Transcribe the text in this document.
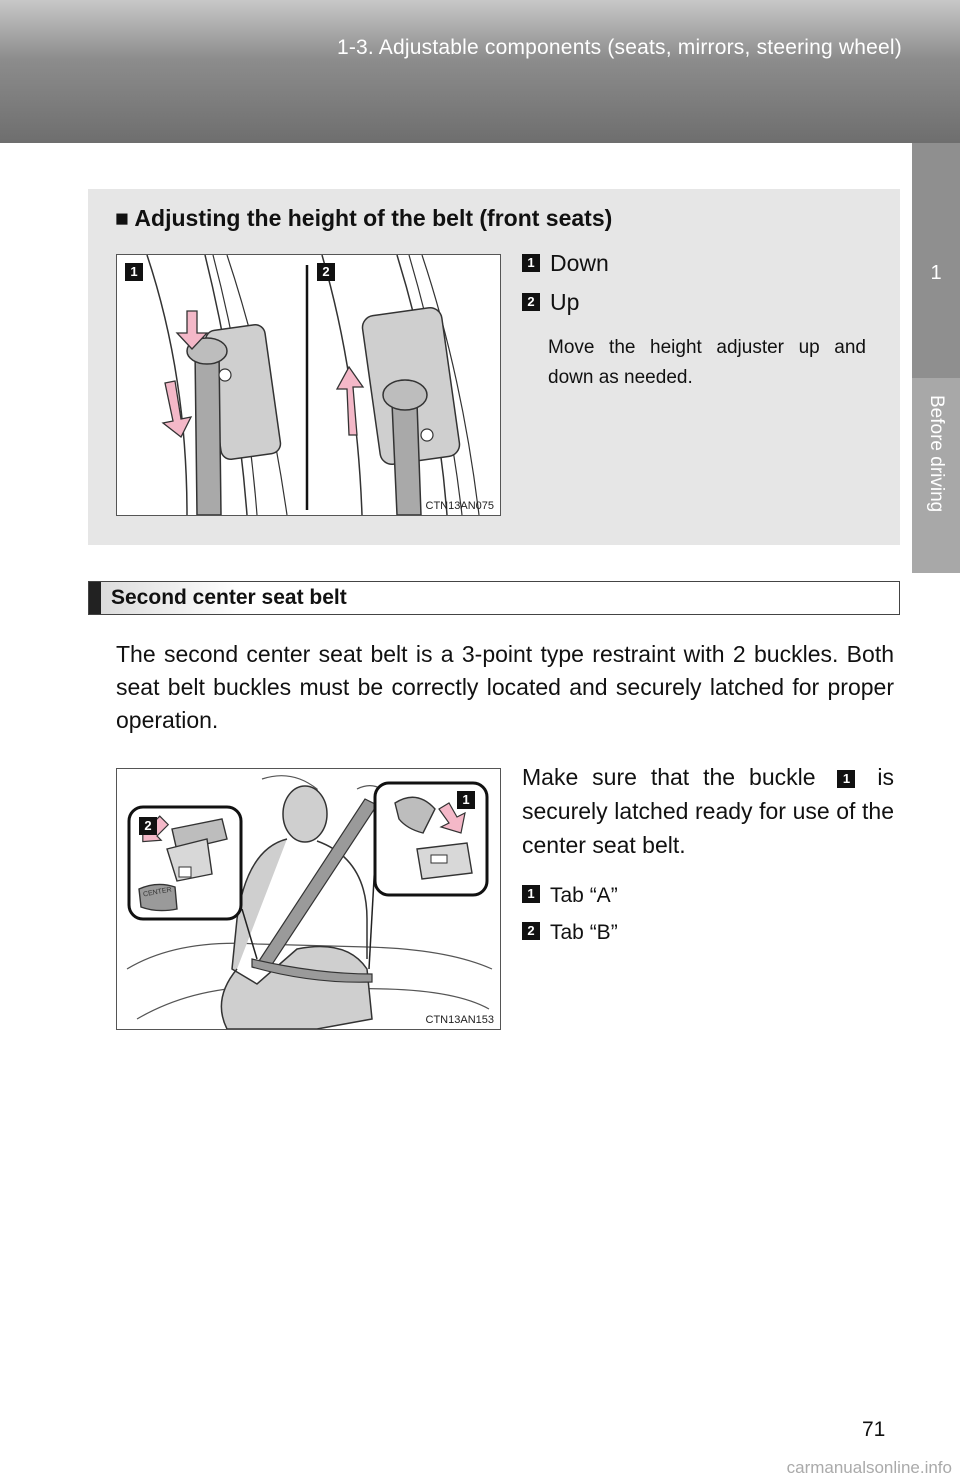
1-3. Adjustable components (seats, mirrors, steering wheel)
1
Before driving
■ Adjusting the height of the belt (front seats)
1	2
CTN13AN075
1 Down
2 Up
Move the height adjuster up and down as needed.
Second center seat belt
The second center seat belt is a 3-point type restraint with 2 buckles. Both seat belt buckles must be correctly located and securely latched for proper operation.
CENTER
1
2
CTN13AN153
Make sure that the buckle 1 is securely latched ready for use of the center seat belt.
1 Tab “A”
2 Tab “B”
71
carmanualsonline.info
